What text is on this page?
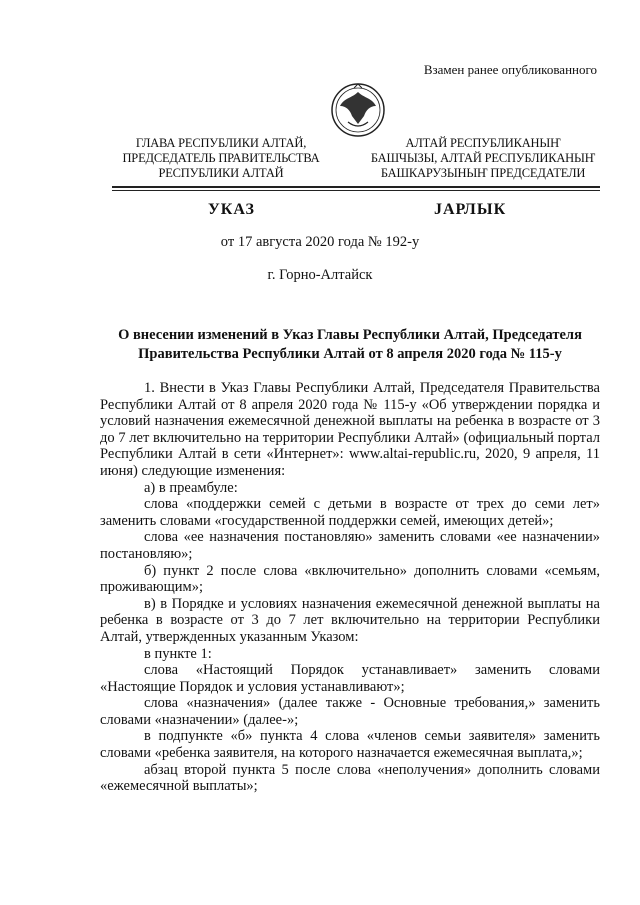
Взамен ранее опубликованного
ГЛАВА РЕСПУБЛИКИ АЛТАЙ,
ПРЕДСЕДАТЕЛЬ ПРАВИТЕЛЬСТВА
РЕСПУБЛИКИ АЛТАЙ
АЛТАЙ РЕСПУБЛИКАНЫҤ
БАШЧЫЗЫ, АЛТАЙ РЕСПУБЛИКАНЫҤ
БАШКАРУЗЫНЫҤ ПРЕДСЕДАТЕЛИ
УКАЗ	JАРЛЫК
от 17 августа 2020 года № 192-у
г. Горно-Алтайск
О внесении изменений в Указ Главы Республики Алтай, Председателя Правительства Республики Алтай от 8 апреля 2020 года № 115-у

1. Внести в Указ Главы Республики Алтай, Председателя Правительства Республики Алтай от 8 апреля 2020 года № 115-у «Об утверждении порядка и условий назначения ежемесячной денежной выплаты на ребенка в возрасте от 3 до 7 лет включительно на территории Республики Алтай» (официальный портал Республики Алтай в сети «Интернет»: www.altai-republic.ru, 2020, 9 апреля, 11 июня) следующие изменения:

а) в преамбуле:

слова «поддержки семей с детьми в возрасте от трех до семи лет» заменить словами «государственной поддержки семей, имеющих детей»;

слова «ее назначения постановляю» заменить словами «ее назначении» постановляю»;

б) пункт 2 после слова «включительно» дополнить словами «семьям, проживающим»;

в) в Порядке и условиях назначения ежемесячной денежной выплаты на ребенка в возрасте от 3 до 7 лет включительно на территории Республики Алтай, утвержденных указанным Указом:

в пункте 1:

слова «Настоящий Порядок устанавливает» заменить словами «Настоящие Порядок и условия устанавливают»;

слова «назначения» (далее также - Основные требования,» заменить словами «назначении» (далее-»;

в подпункте «б» пункта 4 слова «членов семьи заявителя» заменить словами «ребенка заявителя, на которого назначается ежемесячная выплата,»;

абзац второй пункта 5 после слова «неполучения» дополнить словами «ежемесячной выплаты»;
